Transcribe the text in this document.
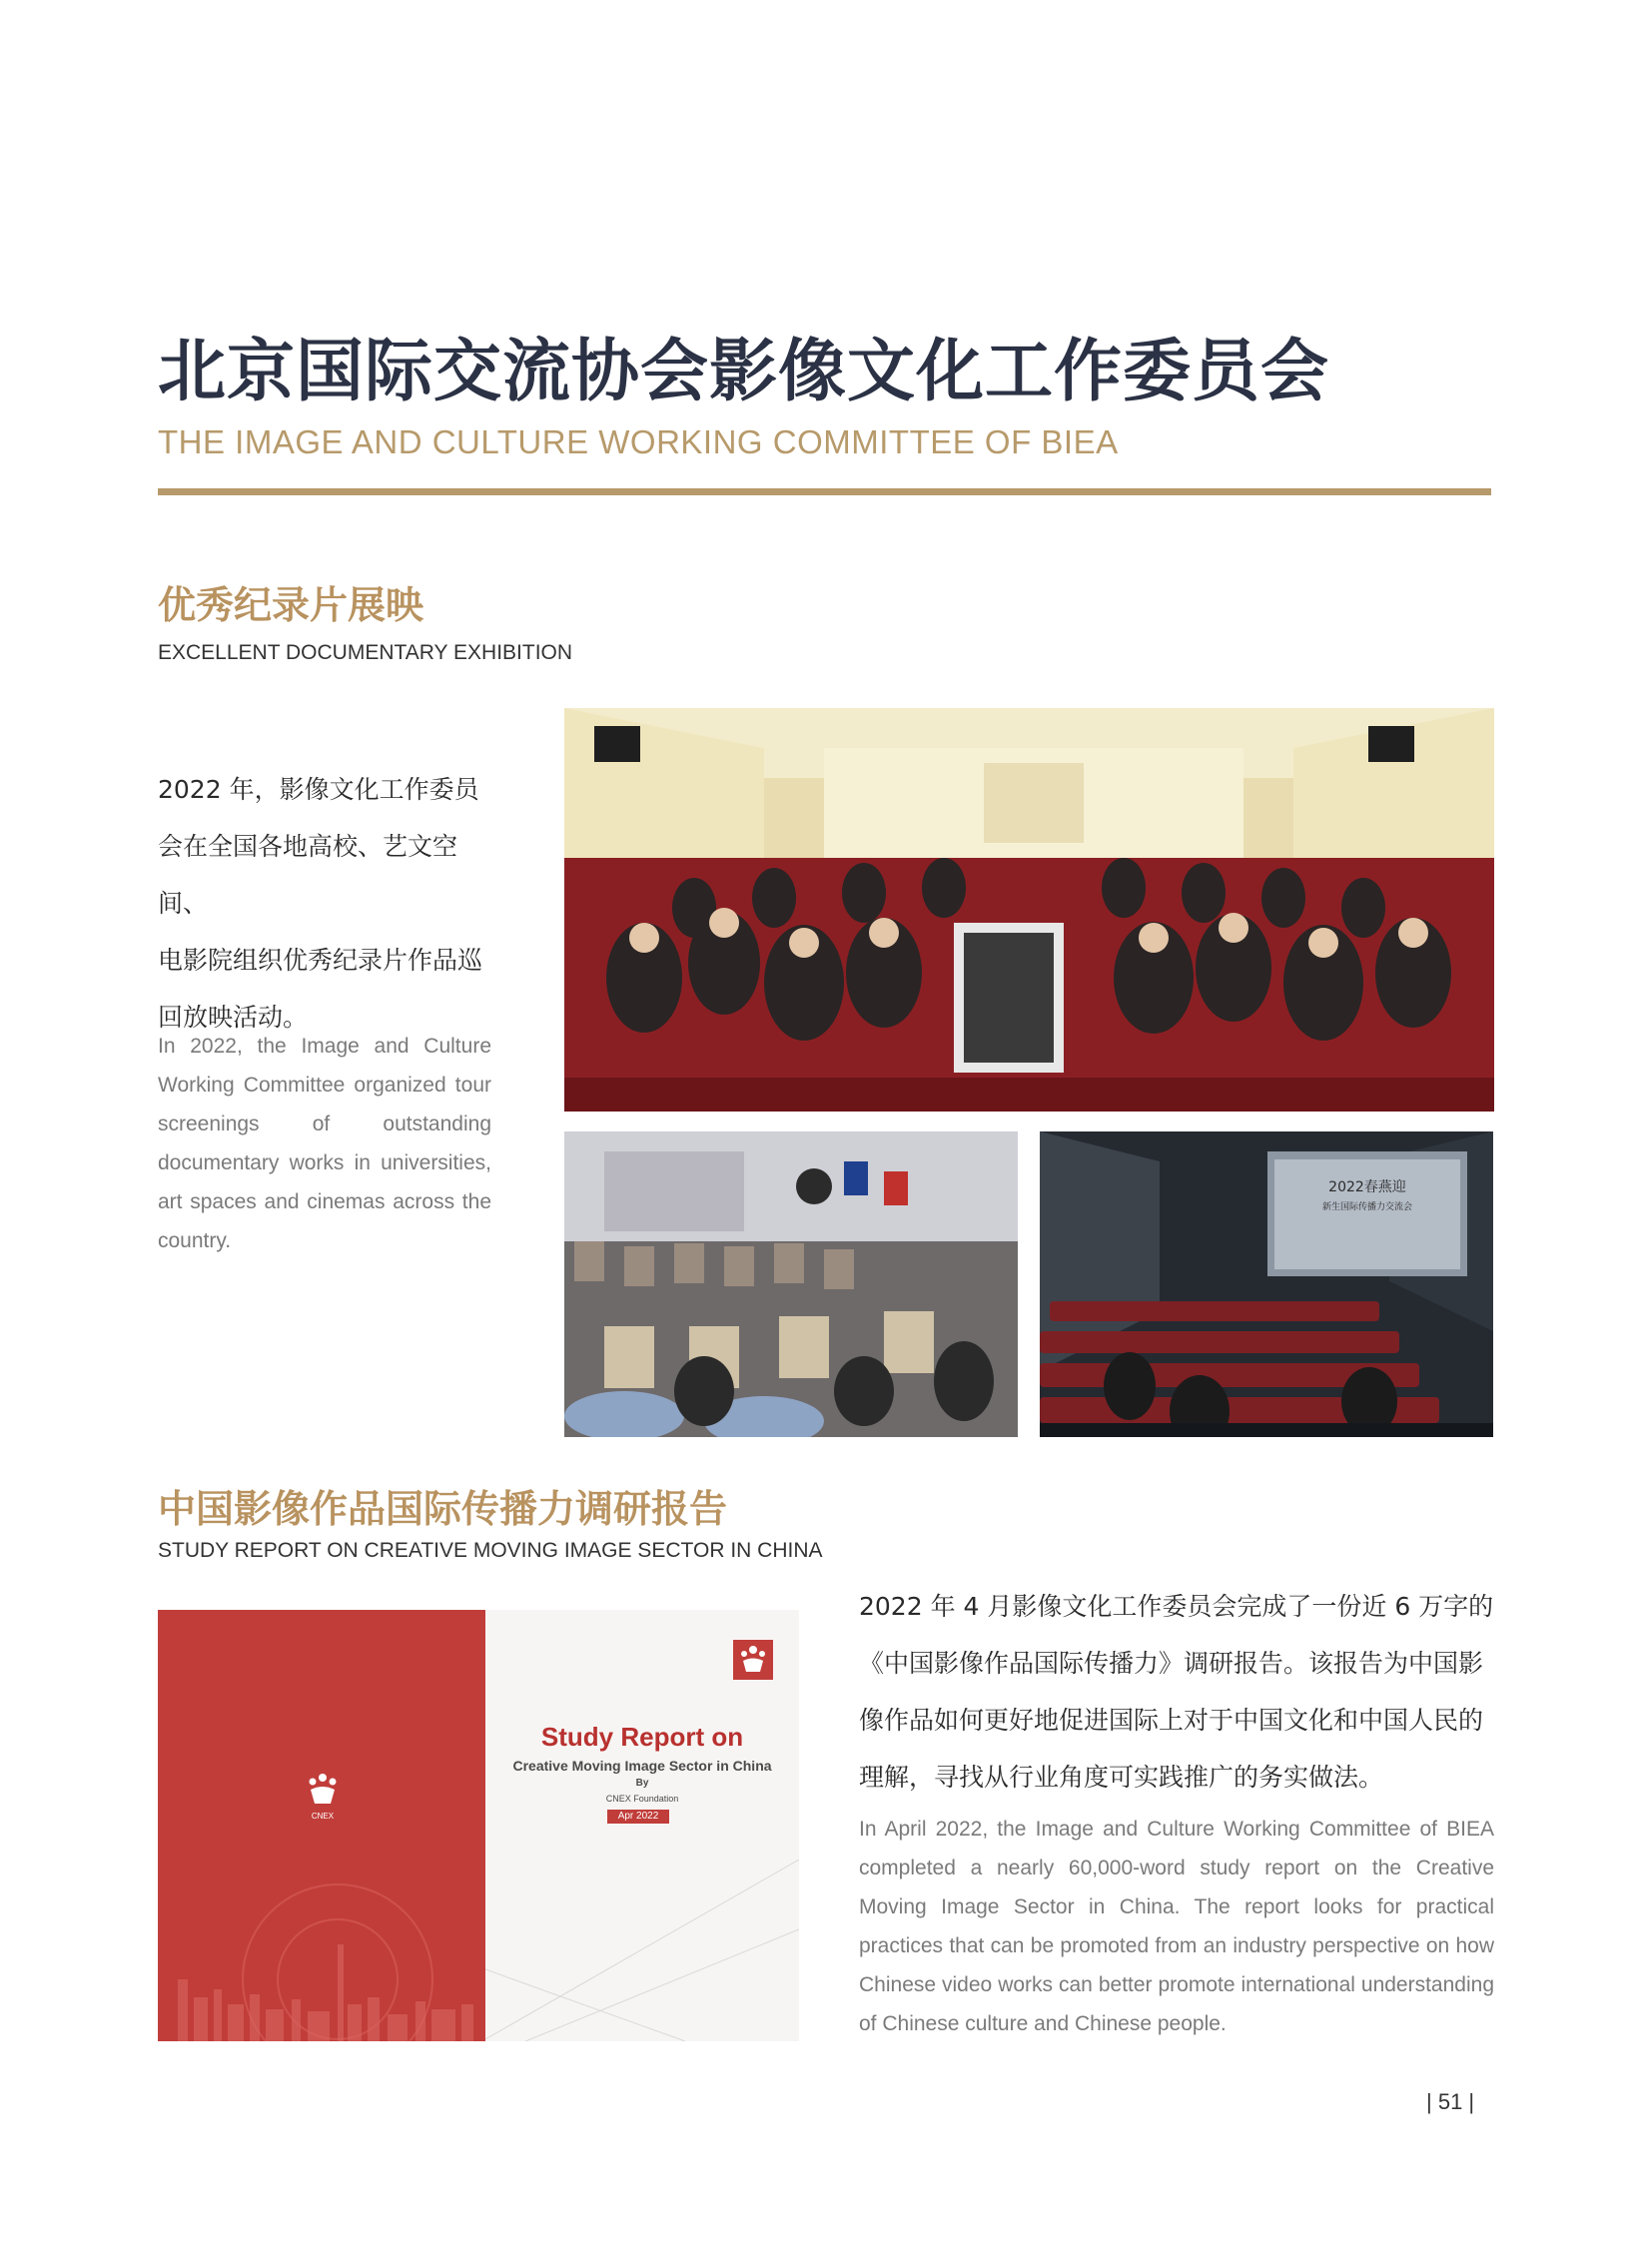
北京国际交流协会影像文化工作委员会

THE IMAGE AND CULTURE WORKING COMMITTEE OF BIEA

优秀纪录片展映

EXCELLENT DOCUMENTARY EXHIBITION

2022 年，影像文化工作委员

会在全国各地高校、艺文空间、

电影院组织优秀纪录片作品巡

回放映活动。

In 2022, the Image and Culture Working Committee organized tour screenings of outstanding documentary works in universities, art spaces and cinemas across the country.

2022春燕迎
新生国际传播力交流会
中国影像作品国际传播力调研报告

STUDY REPORT ON CREATIVE MOVING IMAGE SECTOR IN CHINA

CNEX

Study Report on

Creative Moving Image Sector in China

By

CNEX Foundation

Apr 2022

2022 年 4 月影像文化工作委员会完成了一份近 6 万字的

《中国影像作品国际传播力》调研报告。该报告为中国影

像作品如何更好地促进国际上对于中国文化和中国人民的

理解，寻找从行业角度可实践推广的务实做法。

In April 2022, the Image and Culture Working Committee of BIEA completed a nearly 60,000-word study report on the Creative Moving Image Sector in China. The report looks for practical practices that can be promoted from an industry perspective on how Chinese video works can better promote international understanding of Chinese culture and Chinese people.

| 51 |
